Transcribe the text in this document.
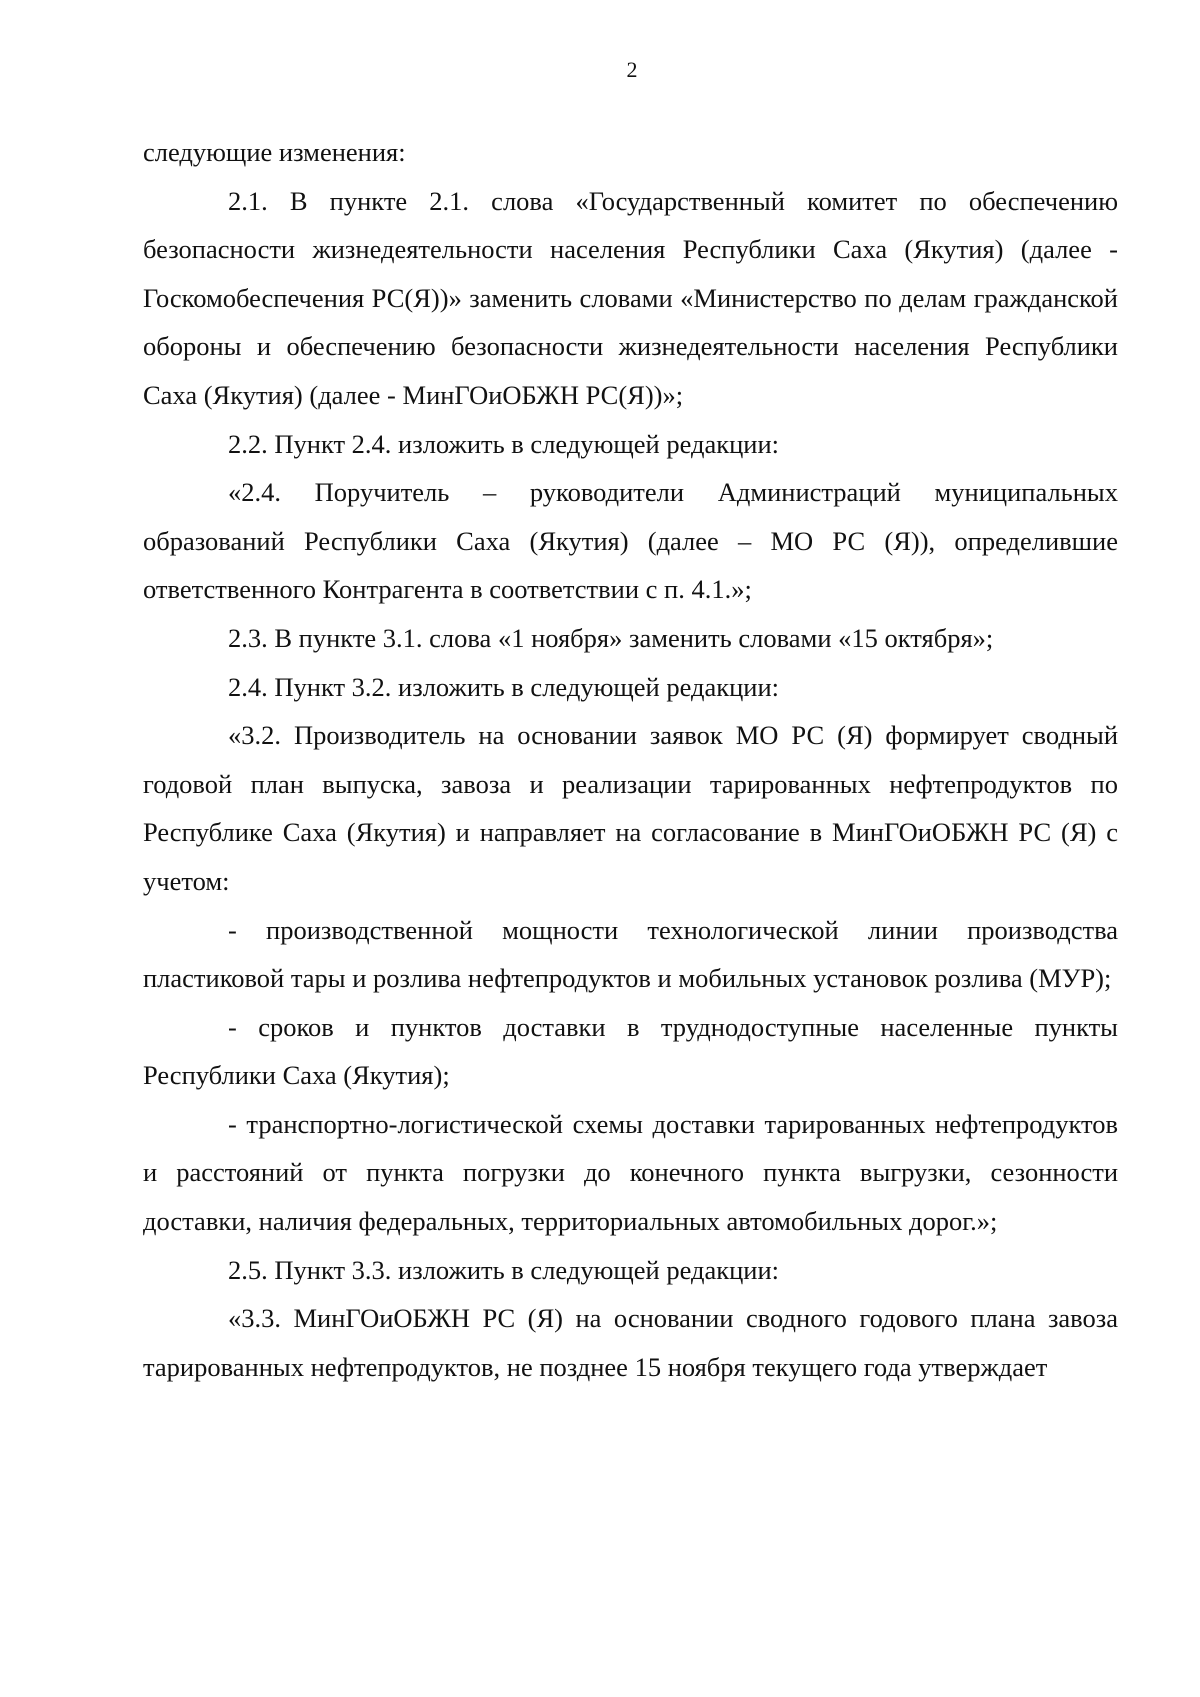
2

следующие изменения:

2.1. В пункте 2.1. слова «Государственный комитет по обеспечению безопасности жизнедеятельности населения Республики Саха (Якутия) (далее - Госкомобеспечения РС(Я))» заменить словами «Министерство по делам гражданской обороны и обеспечению безопасности жизнедеятельности населения Республики Саха (Якутия) (далее - МинГОиОБЖН РС(Я))»;

2.2. Пункт 2.4. изложить в следующей редакции:

«2.4. Поручитель – руководители Администраций муниципальных образований Республики Саха (Якутия) (далее – МО РС (Я)), определившие ответственного Контрагента в соответствии с п. 4.1.»;

2.3. В пункте 3.1. слова «1 ноября» заменить словами «15 октября»;

2.4. Пункт 3.2. изложить в следующей редакции:

«3.2. Производитель на основании заявок МО РС (Я) формирует сводный годовой план выпуска, завоза и реализации тарированных нефтепродуктов по Республике Саха (Якутия) и направляет на согласование в МинГОиОБЖН РС (Я) с учетом:

- производственной мощности технологической линии производства пластиковой тары и розлива нефтепродуктов и мобильных установок розлива (МУР);

- сроков и пунктов доставки в труднодоступные населенные пункты Республики Саха (Якутия);

- транспортно-логистической схемы доставки тарированных нефтепродуктов и расстояний от пункта погрузки до конечного пункта выгрузки, сезонности доставки, наличия федеральных, территориальных автомобильных дорог.»;

2.5. Пункт 3.3. изложить в следующей редакции:

«3.3. МинГОиОБЖН РС (Я) на основании сводного годового плана завоза тарированных нефтепродуктов, не позднее 15 ноября текущего года утверждает
